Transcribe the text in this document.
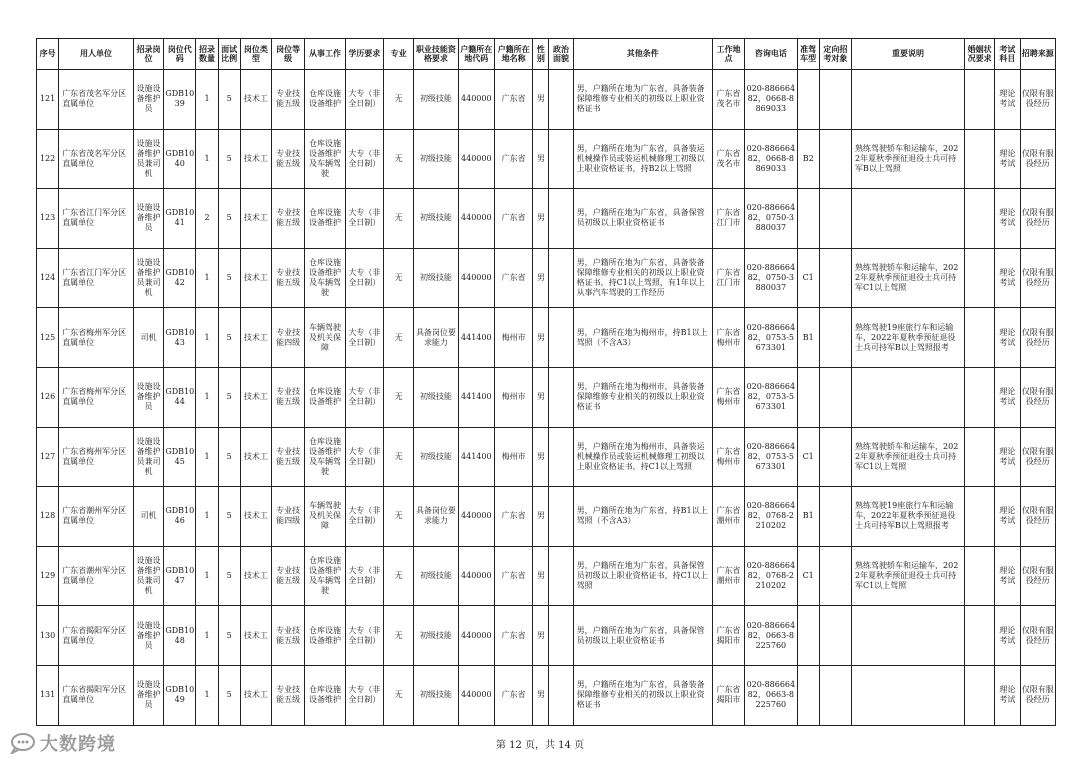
序号	用人单位	招录岗位	岗位代码	招录数量	面试比例	岗位类型	岗位等级	从事工作	学历要求	专业	职业技能资格要求	户籍所在地代码	户籍所在地名称	性别	政治面貌	其他条件	工作地点	咨询电话	准驾车型	定向招考对象	重要说明	婚姻状况要求	考试科目	招聘来源
121	广东省茂名军分区直属单位	设施设备维护员	GDB1039	1	5	技术工	专业技能五级	仓库设施设备维护	大专（非全日制）	无	初级技能	440000	广东省	男		男，户籍所在地为广东省，具备装备保障维修专业相关的初级以上职业资格证书	广东省茂名市	020-88666482，0668-8869033					理论考试	仅限有服役经历
122	广东省茂名军分区直属单位	设施设备维护员兼司机	GDB1040	1	5	技术工	专业技能五级	仓库设施设备维护及车辆驾驶	大专（非全日制）	无	初级技能	440000	广东省	男		男，户籍所在地为广东省，具备装运机械操作员或装运机械修理工初级以上职业资格证书，持B2以上驾照	广东省茂名市	020-88666482，0668-8869033	B2		熟练驾驶轿车和运输车，2022年夏秋季预征退役士兵可持军B以上驾照		理论考试	仅限有服役经历
123	广东省江门军分区直属单位	设施设备维护员	GDB1041	2	5	技术工	专业技能五级	仓库设施设备维护	大专（非全日制）	无	初级技能	440000	广东省	男		男，户籍所在地为广东省，具备保管员初级以上职业资格证书	广东省江门市	020-88666482，0750-3880037					理论考试	仅限有服役经历
124	广东省江门军分区直属单位	设施设备维护员兼司机	GDB1042	1	5	技术工	专业技能五级	仓库设施设备维护及车辆驾驶	大专（非全日制）	无	初级技能	440000	广东省	男		男，户籍所在地为广东省，具备装备保障维修专业相关的初级以上职业资格证书，持C1以上驾照，有1年以上从事汽车驾驶的工作经历	广东省江门市	020-88666482，0750-3880037	C1		熟练驾驶轿车和运输车，2022年夏秋季预征退役士兵可持军C1以上驾照		理论考试	仅限有服役经历
125	广东省梅州军分区直属单位	司机	GDB1043	1	5	技术工	专业技能四级	车辆驾驶及机关保障	大专（非全日制）	无	具备岗位要求能力	441400	梅州市	男		男，户籍所在地为梅州市，持B1以上驾照（不含A3）	广东省梅州市	020-88666482，0753-5673301	B1		熟练驾驶19座旅行车和运输车，2022年夏秋季预征退役士兵可持军B以上驾照报考		理论考试	仅限有服役经历
126	广东省梅州军分区直属单位	设施设备维护员	GDB1044	1	5	技术工	专业技能五级	仓库设施设备维护	大专（非全日制）	无	初级技能	441400	梅州市	男		男，户籍所在地为梅州市，具备装备保障维修专业相关的初级以上职业资格证书	广东省梅州市	020-88666482，0753-5673301					理论考试	仅限有服役经历
127	广东省梅州军分区直属单位	设施设备维护员兼司机	GDB1045	1	5	技术工	专业技能五级	仓库设施设备维护及车辆驾驶	大专（非全日制）	无	初级技能	441400	梅州市	男		男，户籍所在地为梅州市，具备装运机械操作员或装运机械修理工初级以上职业资格证书，持C1以上驾照	广东省梅州市	020-88666482，0753-5673301	C1		熟练驾驶轿车和运输车，2022年夏秋季预征退役士兵可持军C1以上驾照		理论考试	仅限有服役经历
128	广东省潮州军分区直属单位	司机	GDB1046	1	5	技术工	专业技能四级	车辆驾驶及机关保障	大专（非全日制）	无	具备岗位要求能力	440000	广东省	男		男，户籍所在地为广东省，持B1以上驾照（不含A3）	广东省潮州市	020-88666482，0768-2210202	B1		熟练驾驶19座旅行车和运输车，2022年夏秋季预征退役士兵可持军B以上驾照报考		理论考试	仅限有服役经历
129	广东省潮州军分区直属单位	设施设备维护员兼司机	GDB1047	1	5	技术工	专业技能五级	仓库设施设备维护及车辆驾驶	大专（非全日制）	无	初级技能	440000	广东省	男		男，户籍所在地为广东省，具备保管员初级以上职业资格证书，持C1以上驾照	广东省潮州市	020-88666482，0768-2210202	C1		熟练驾驶轿车和运输车，2022年夏秋季预征退役士兵可持军C1以上驾照		理论考试	仅限有服役经历
130	广东省揭阳军分区直属单位	设施设备维护员	GDB1048	1	5	技术工	专业技能五级	仓库设施设备维护	大专（非全日制）	无	初级技能	440000	广东省	男		男，户籍所在地为广东省，具备保管员初级以上职业资格证书	广东省揭阳市	020-88666482，0663-8225760					理论考试	仅限有服役经历
131	广东省揭阳军分区直属单位	设施设备维护员	GDB1049	1	5	技术工	专业技能五级	仓库设施设备维护	大专（非全日制）	无	初级技能	440000	广东省	男		男，户籍所在地为广东省，具备装备保障维修专业相关的初级以上职业资格证书	广东省揭阳市	020-88666482，0663-8225760					理论考试	仅限有服役经历
大数跨境	第 12 页，共 14 页
